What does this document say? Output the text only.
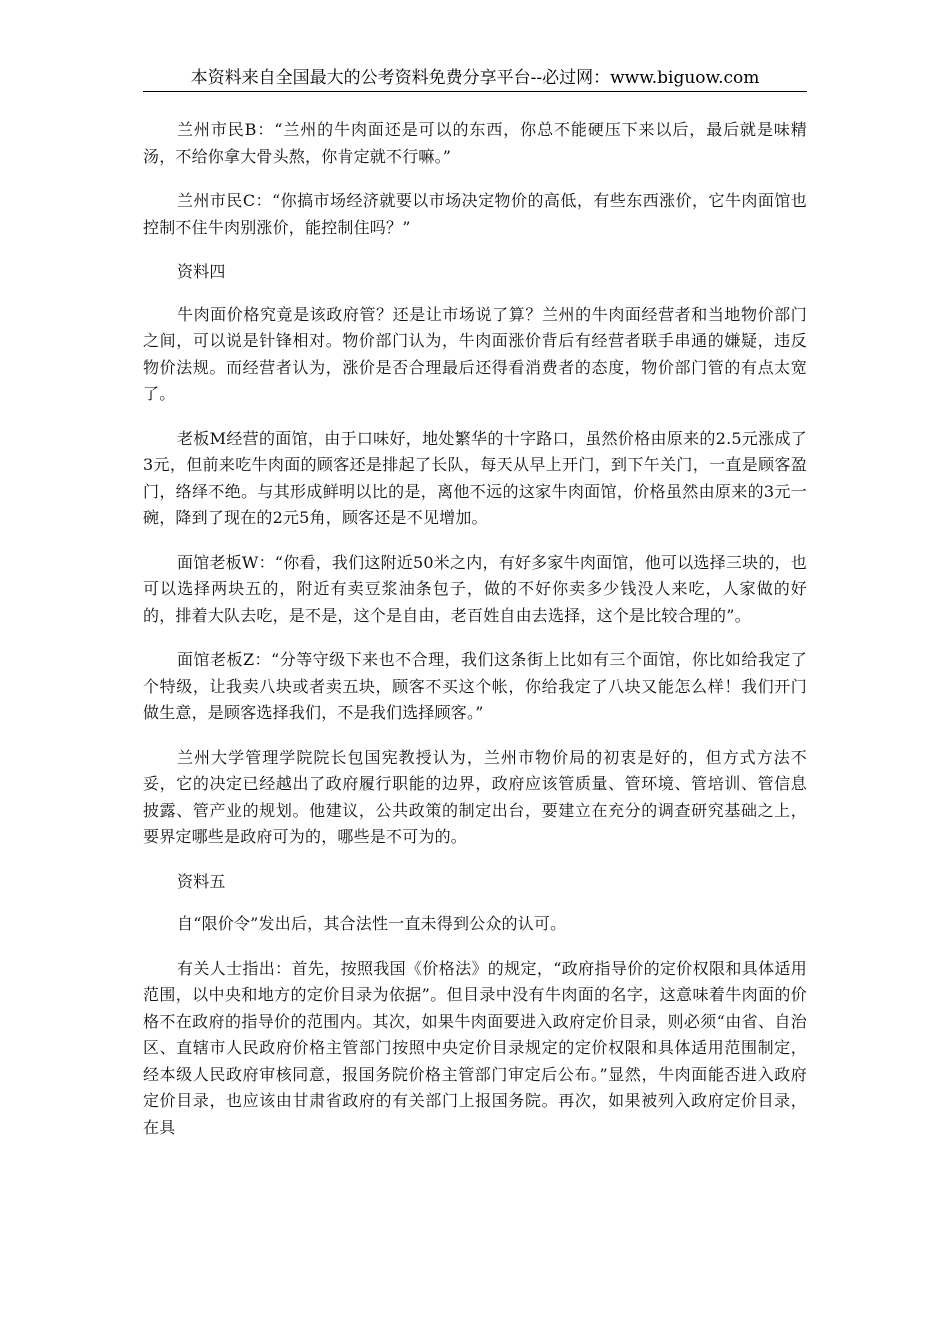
本资料来自全国最大的公考资料免费分享平台--必过网：www.biguow.com

兰州市民B：“兰州的牛肉面还是可以的东西，你总不能硬压下来以后，最后就是味精汤，不给你拿大骨头熬，你肯定就不行嘛。”

兰州市民C：“你搞市场经济就要以市场决定物价的高低，有些东西涨价，它牛肉面馆也控制不住牛肉别涨价，能控制住吗？”

资料四

牛肉面价格究竟是该政府管？还是让市场说了算？兰州的牛肉面经营者和当地物价部门之间，可以说是针锋相对。物价部门认为，牛肉面涨价背后有经营者联手串通的嫌疑，违反物价法规。而经营者认为，涨价是否合理最后还得看消费者的态度，物价部门管的有点太宽了。

老板M经营的面馆，由于口味好，地处繁华的十字路口，虽然价格由原来的2.5元涨成了3元，但前来吃牛肉面的顾客还是排起了长队，每天从早上开门，到下午关门，一直是顾客盈门，络绎不绝。与其形成鲜明以比的是，离他不远的这家牛肉面馆，价格虽然由原来的3元一碗，降到了现在的2元5角，顾客还是不见增加。

面馆老板W：“你看，我们这附近50米之内，有好多家牛肉面馆，他可以选择三块的，也可以选择两块五的，附近有卖豆浆油条包子，做的不好你卖多少钱没人来吃，人家做的好的，排着大队去吃，是不是，这个是自由，老百姓自由去选择，这个是比较合理的”。

面馆老板Z：“分等守级下来也不合理，我们这条街上比如有三个面馆，你比如给我定了个特级，让我卖八块或者卖五块，顾客不买这个帐，你给我定了八块又能怎么样！我们开门做生意，是顾客选择我们，不是我们选择顾客。”

兰州大学管理学院院长包国宪教授认为，兰州市物价局的初衷是好的，但方式方法不妥，它的决定已经越出了政府履行职能的边界，政府应该管质量、管环境、管培训、管信息披露、管产业的规划。他建议，公共政策的制定出台，要建立在充分的调查研究基础之上，要界定哪些是政府可为的，哪些是不可为的。

资料五

自“限价令”发出后，其合法性一直未得到公众的认可。

有关人士指出：首先，按照我国《价格法》的规定，“政府指导价的定价权限和具体适用范围，以中央和地方的定价目录为依据”。但目录中没有牛肉面的名字，这意味着牛肉面的价格不在政府的指导价的范围内。其次，如果牛肉面要进入政府定价目录，则必须“由省、自治区、直辖市人民政府价格主管部门按照中央定价目录规定的定价权限和具体适用范围制定，经本级人民政府审核同意，报国务院价格主管部门审定后公布。”显然，牛肉面能否进入政府定价目录，也应该由甘肃省政府的有关部门上报国务院。再次，如果被列入政府定价目录，在具
